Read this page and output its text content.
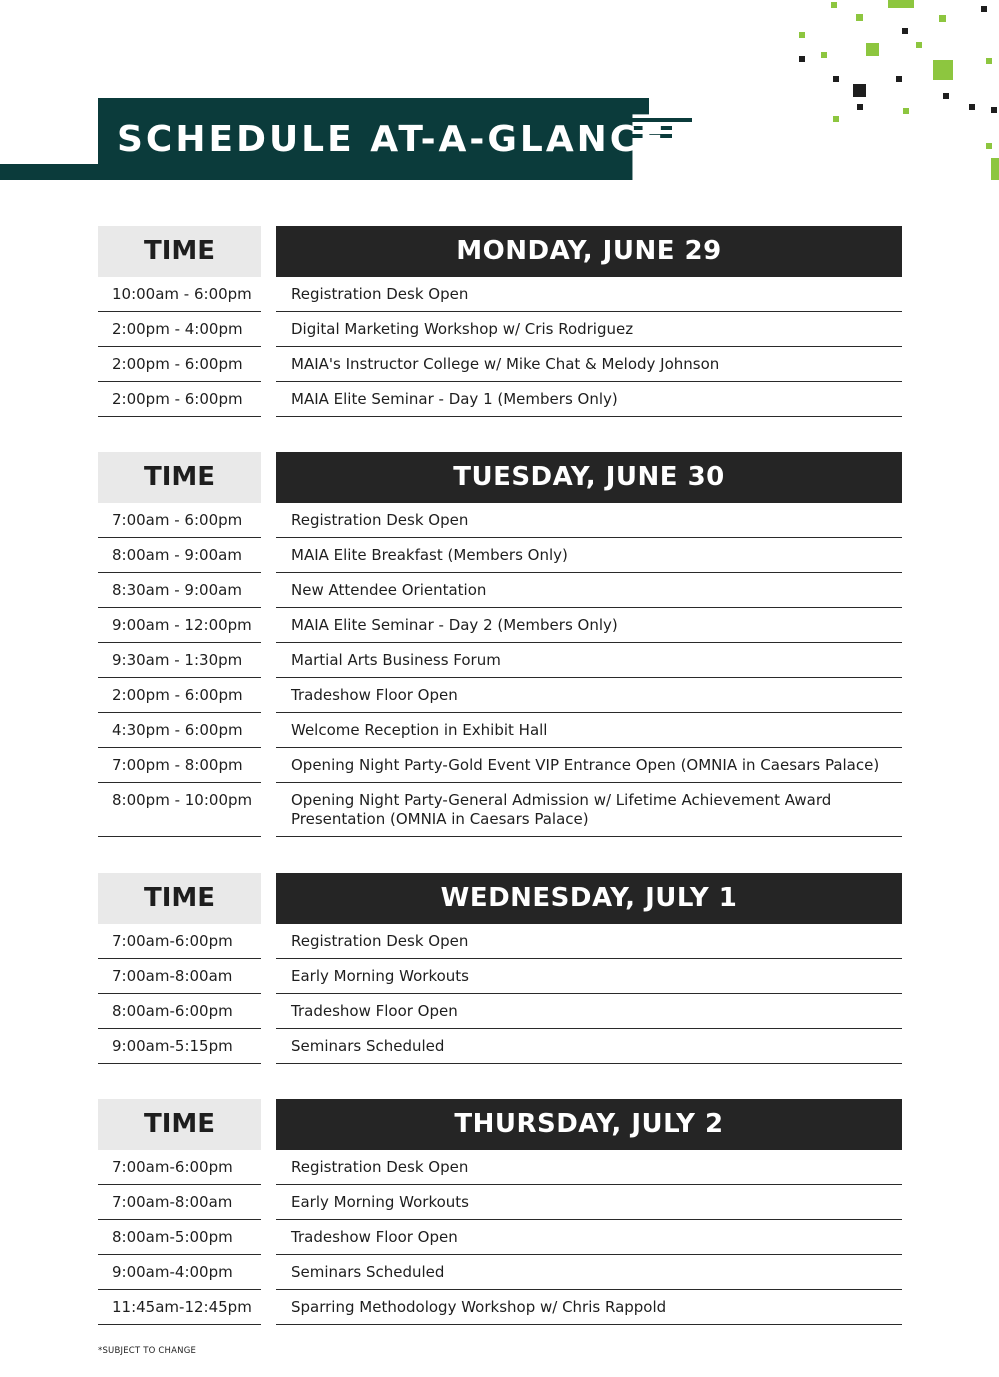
SCHEDULE AT-A-GLANCE
TIME	MONDAY, JUNE 29
10:00am - 6:00pm	Registration Desk Open
2:00pm - 4:00pm	Digital Marketing Workshop w/ Cris Rodriguez
2:00pm - 6:00pm	MAIA's Instructor College w/ Mike Chat & Melody Johnson
2:00pm - 6:00pm	MAIA Elite Seminar - Day 1 (Members Only)
TIME	TUESDAY, JUNE 30
7:00am - 6:00pm	Registration Desk Open
8:00am - 9:00am	MAIA Elite Breakfast (Members Only)
8:30am - 9:00am	New Attendee Orientation
9:00am - 12:00pm	MAIA Elite Seminar - Day 2 (Members Only)
9:30am - 1:30pm	Martial Arts Business Forum
2:00pm - 6:00pm	Tradeshow Floor Open
4:30pm - 6:00pm	Welcome Reception in Exhibit Hall
7:00pm - 8:00pm	Opening Night Party-Gold Event VIP Entrance Open (OMNIA in Caesars Palace)
8:00pm - 10:00pm	Opening Night Party-General Admission w/ Lifetime Achievement Award
Presentation (OMNIA in Caesars Palace)
TIME	WEDNESDAY, JULY 1
7:00am-6:00pm	Registration Desk Open
7:00am-8:00am	Early Morning Workouts
8:00am-6:00pm	Tradeshow Floor Open
9:00am-5:15pm	Seminars Scheduled
TIME	THURSDAY, JULY 2
7:00am-6:00pm	Registration Desk Open
7:00am-8:00am	Early Morning Workouts
8:00am-5:00pm	Tradeshow Floor Open
9:00am-4:00pm	Seminars Scheduled
11:45am-12:45pm	Sparring Methodology Workshop w/ Chris Rappold
*SUBJECT TO CHANGE
